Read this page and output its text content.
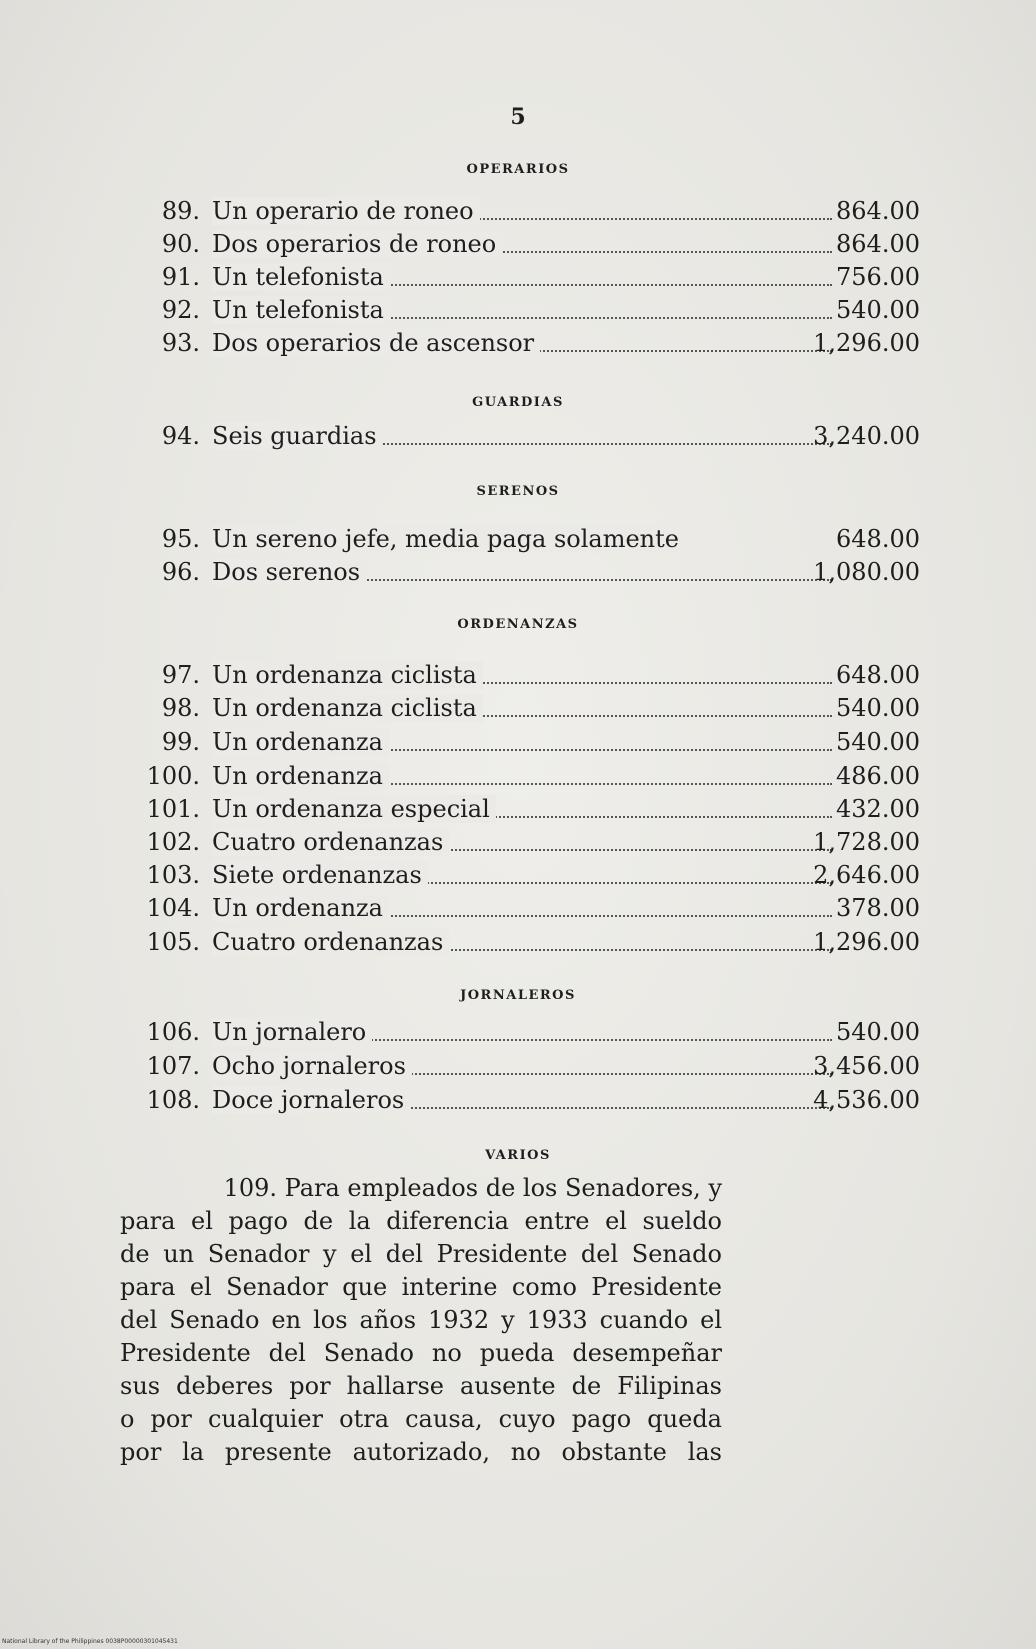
5
OPERARIOS
89. Un operario de roneo	864.00
90. Dos operarios de roneo	864.00
91. Un telefonista	756.00
92. Un telefonista	540.00
93. Dos operarios de ascensor	1,296.00
GUARDIAS
94. Seis guardias	3,240.00
SERENOS
95. Un sereno jefe, media paga solamente	648.00
96. Dos serenos	1,080.00
ORDENANZAS
97. Un ordenanza ciclista	648.00
98. Un ordenanza ciclista	540.00
99. Un ordenanza	540.00
100. Un ordenanza	486.00
101. Un ordenanza especial	432.00
102. Cuatro ordenanzas	1,728.00
103. Siete ordenanzas	2,646.00
104. Un ordenanza	378.00
105. Cuatro ordenanzas	1,296.00
JORNALEROS
106. Un jornalero	540.00
107. Ocho jornaleros	3,456.00
108. Doce jornaleros	4,536.00
VARIOS
109. Para empleados de los Senadores, y
para el pago de la diferencia entre el sueldo
de un Senador y el del Presidente del Senado
para el Senador que interine como Presidente
del Senado en los años 1932 y 1933 cuando el
Presidente del Senado no pueda desempeñar
sus deberes por hallarse ausente de Filipinas
o por cualquier otra causa, cuyo pago queda
por la presente autorizado, no obstante las
National Library of the Philippines 0038P00000301045431
